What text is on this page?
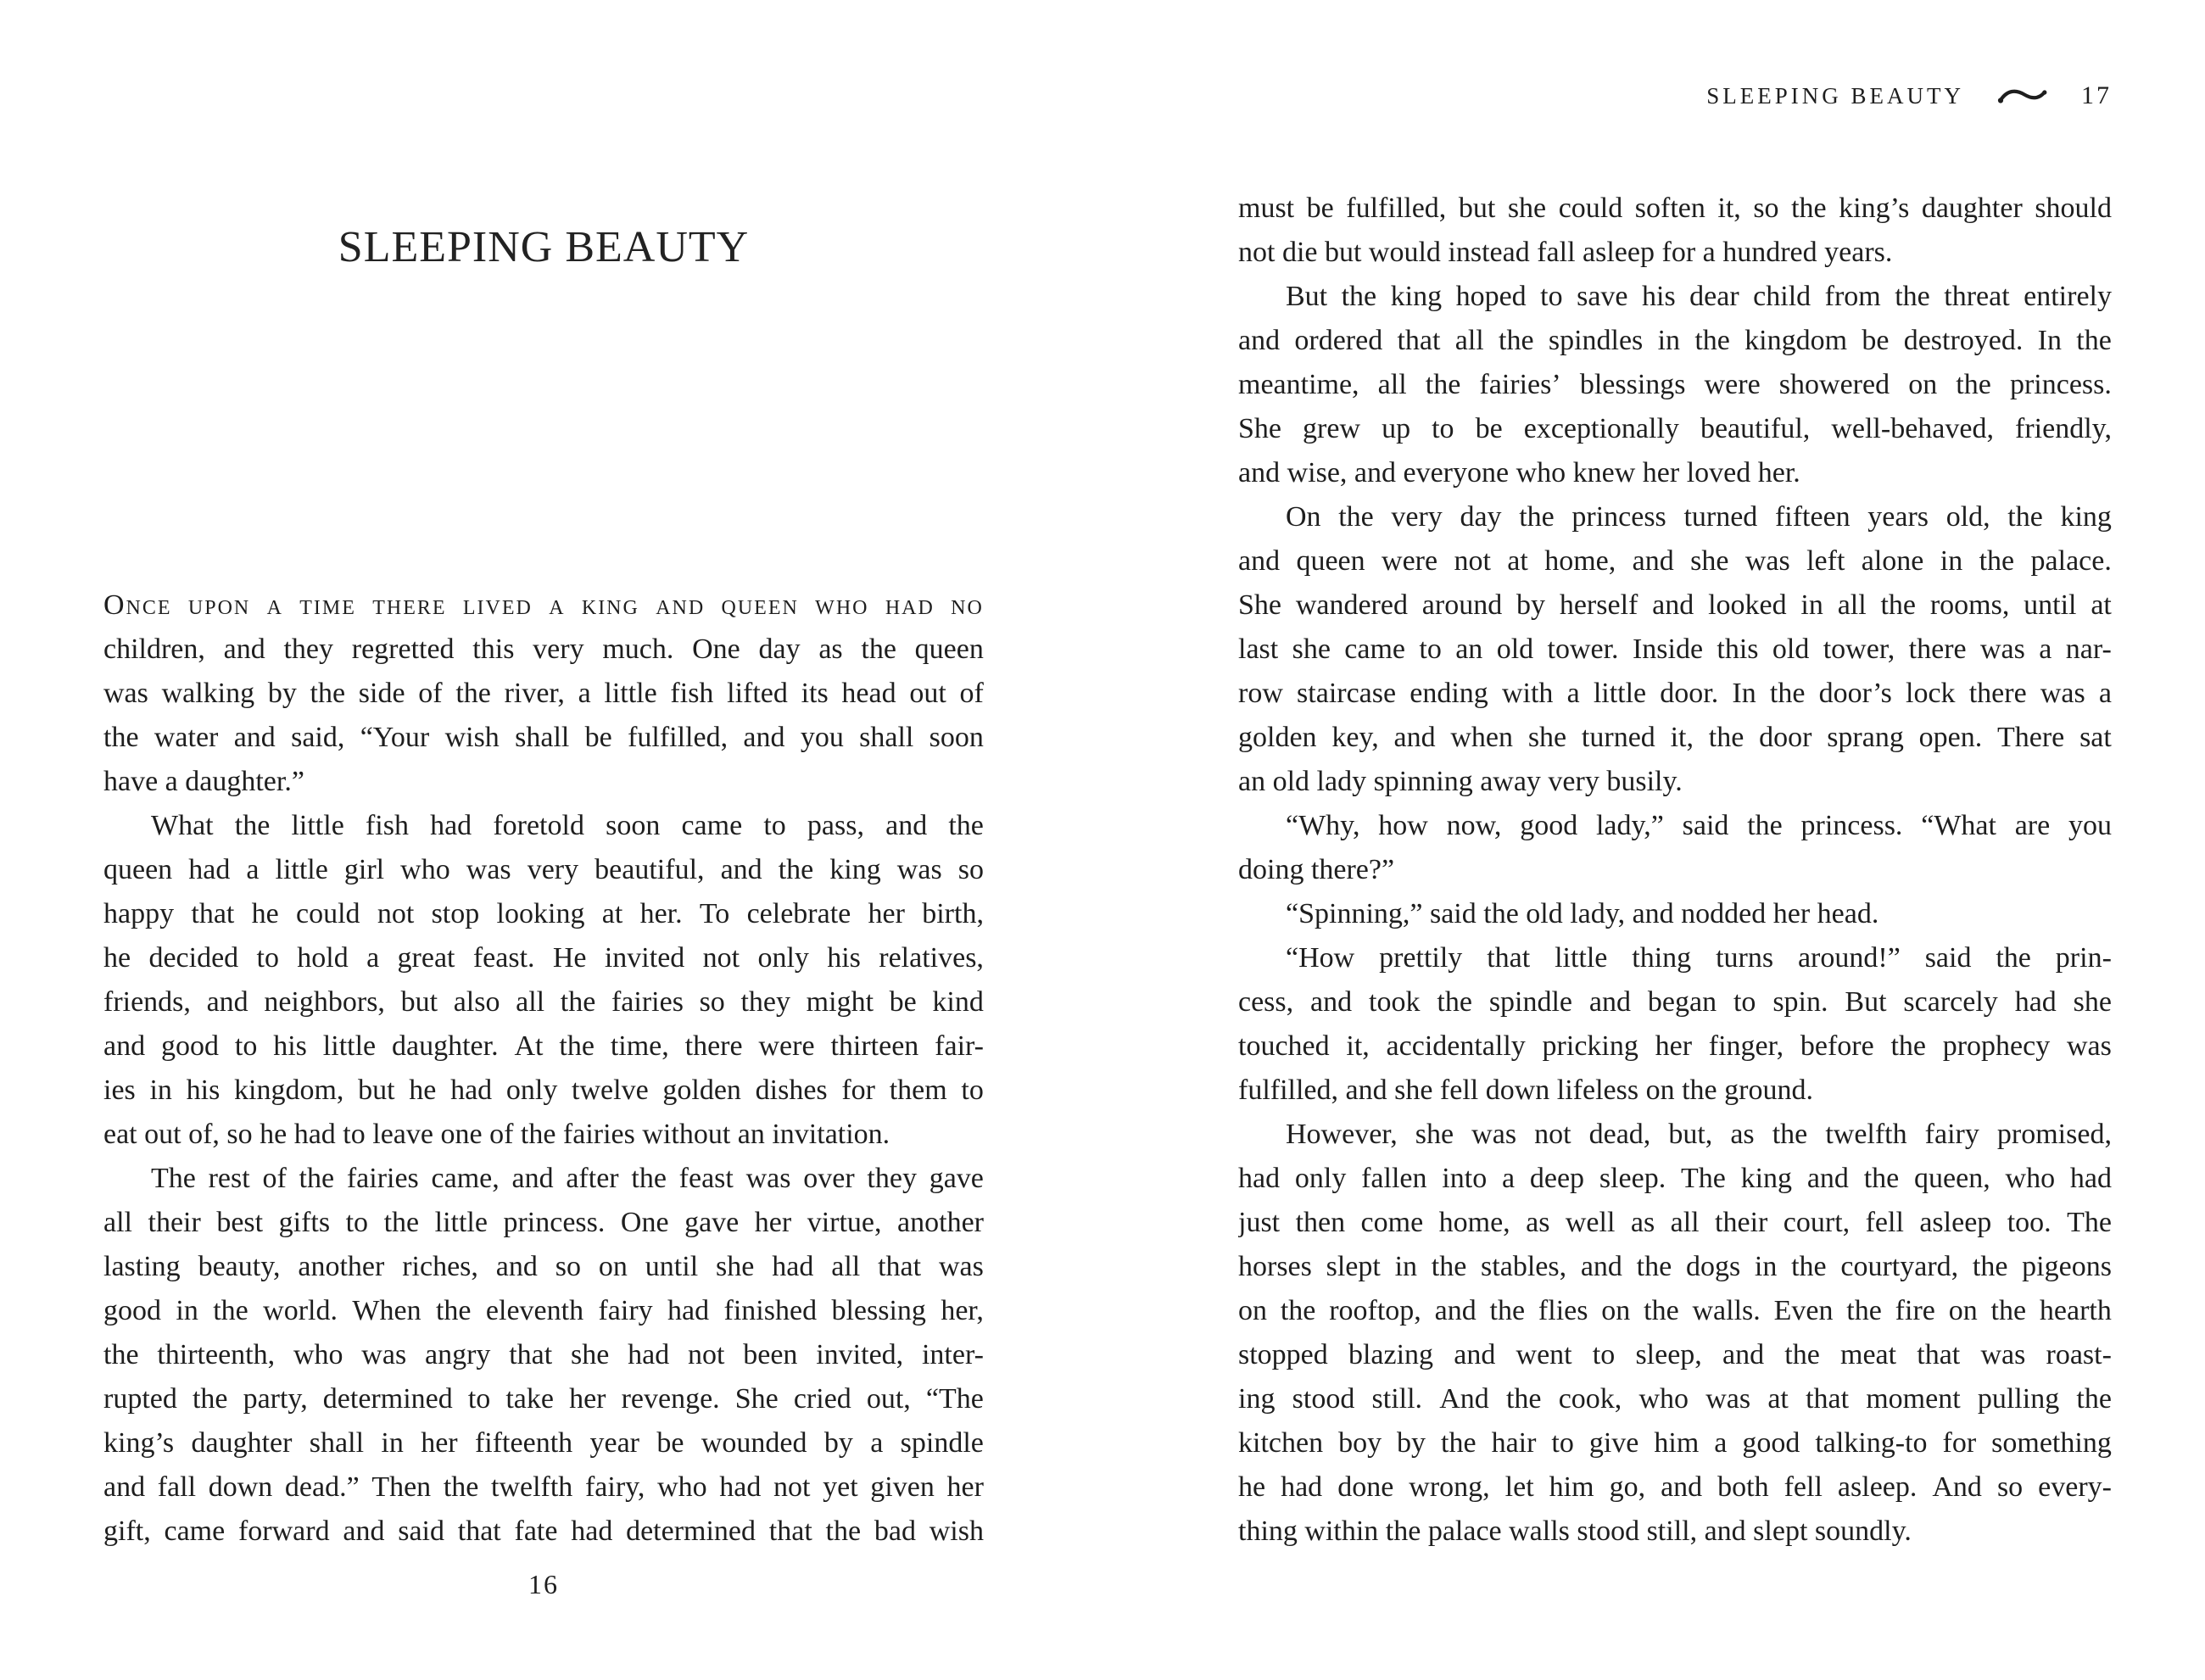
SLEEPING BEAUTY
Once upon a time there lived a king and queen who had no
children, and they regretted this very much. One day as the queen
was walking by the side of the river, a little fish lifted its head out of
the water and said, “Your wish shall be fulfilled, and you shall soon
have a daughter.”
What the little fish had foretold soon came to pass, and the
queen had a little girl who was very beautiful, and the king was so
happy that he could not stop looking at her. To celebrate her birth,
he decided to hold a great feast. He invited not only his relatives,
friends, and neighbors, but also all the fairies so they might be kind
and good to his little daughter. At the time, there were thirteen fair-
ies in his kingdom, but he had only twelve golden dishes for them to
eat out of, so he had to leave one of the fairies without an invitation.
The rest of the fairies came, and after the feast was over they gave
all their best gifts to the little princess. One gave her virtue, another
lasting beauty, another riches, and so on until she had all that was
good in the world. When the eleventh fairy had finished blessing her,
the thirteenth, who was angry that she had not been invited, inter-
rupted the party, determined to take her revenge. She cried out, “The
king’s daughter shall in her fifteenth year be wounded by a spindle
and fall down dead.” Then the twelfth fairy, who had not yet given her
gift, came forward and said that fate had determined that the bad wish
16
SLEEPING BEAUTY	17
must be fulfilled, but she could soften it, so the king’s daughter should
not die but would instead fall asleep for a hundred years.
But the king hoped to save his dear child from the threat entirely
and ordered that all the spindles in the kingdom be destroyed. In the
meantime, all the fairies’ blessings were showered on the princess.
She grew up to be exceptionally beautiful, well-behaved, friendly,
and wise, and everyone who knew her loved her.
On the very day the princess turned fifteen years old, the king
and queen were not at home, and she was left alone in the palace.
She wandered around by herself and looked in all the rooms, until at
last she came to an old tower. Inside this old tower, there was a nar-
row staircase ending with a little door. In the door’s lock there was a
golden key, and when she turned it, the door sprang open. There sat
an old lady spinning away very busily.
“Why, how now, good lady,” said the princess. “What are you
doing there?”
“Spinning,” said the old lady, and nodded her head.
“How prettily that little thing turns around!” said the prin-
cess, and took the spindle and began to spin. But scarcely had she
touched it, accidentally pricking her finger, before the prophecy was
fulfilled, and she fell down lifeless on the ground.
However, she was not dead, but, as the twelfth fairy promised,
had only fallen into a deep sleep. The king and the queen, who had
just then come home, as well as all their court, fell asleep too. The
horses slept in the stables, and the dogs in the courtyard, the pigeons
on the rooftop, and the flies on the walls. Even the fire on the hearth
stopped blazing and went to sleep, and the meat that was roast-
ing stood still. And the cook, who was at that moment pulling the
kitchen boy by the hair to give him a good talking-to for something
he had done wrong, let him go, and both fell asleep. And so every-
thing within the palace walls stood still, and slept soundly.
